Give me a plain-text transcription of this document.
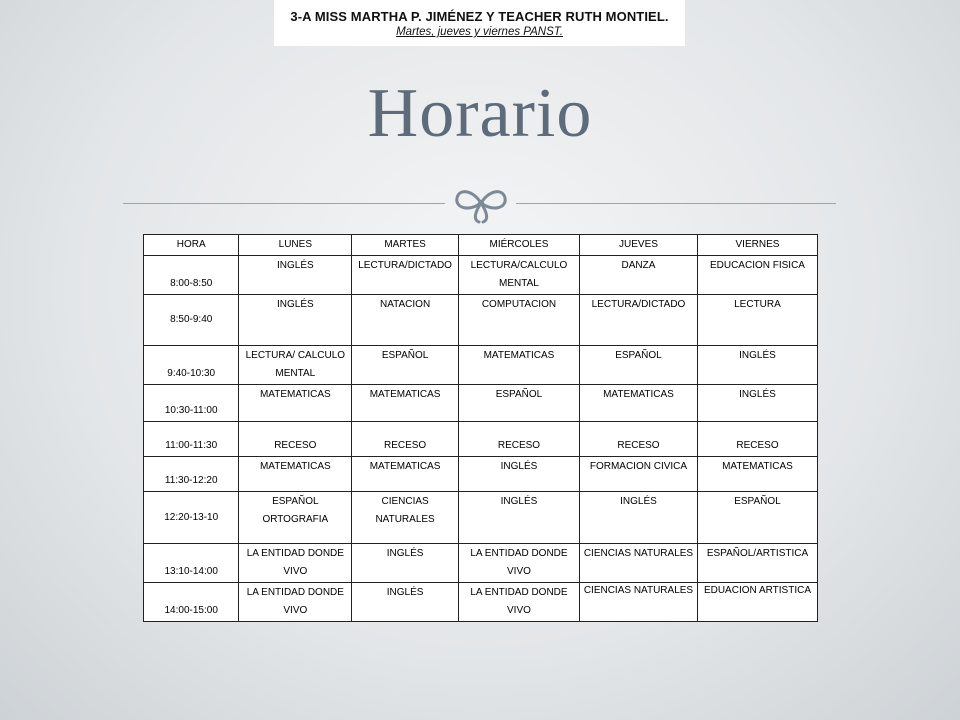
3-A MISS MARTHA P. JIMÉNEZ Y TEACHER RUTH MONTIEL.
Martes, jueves y viernes PANST.
Horario
HORA	LUNES	MARTES	MIÉRCOLES	JUEVES	VIERNES
8:00-8:50	INGLÉS	LECTURA/DICTADO	LECTURA/CALCULO MENTAL	DANZA	EDUCACION FISICA
8:50-9:40	INGLÉS	NATACION	COMPUTACION	LECTURA/DICTADO	LECTURA
9:40-10:30	LECTURA/ CALCULO MENTAL	ESPAÑOL	MATEMATICAS	ESPAÑOL	INGLÉS
10:30-11:00	MATEMATICAS	MATEMATICAS	ESPAÑOL	MATEMATICAS	INGLÉS
11:00-11:30	RECESO	RECESO	RECESO	RECESO	RECESO
11:30-12:20	MATEMATICAS	MATEMATICAS	INGLÉS	FORMACION CIVICA	MATEMATICAS
12:20-13-10	ESPAÑOL ORTOGRAFIA	CIENCIAS NATURALES	INGLÉS	INGLÉS	ESPAÑOL
13:10-14:00	LA ENTIDAD DONDE VIVO	INGLÉS	LA ENTIDAD DONDE VIVO	CIENCIAS NATURALES	ESPAÑOL/ARTISTICA
14:00-15:00	LA ENTIDAD DONDE VIVO	INGLÉS	LA ENTIDAD DONDE VIVO	CIENCIAS NATURALES	EDUACION ARTISTICA
